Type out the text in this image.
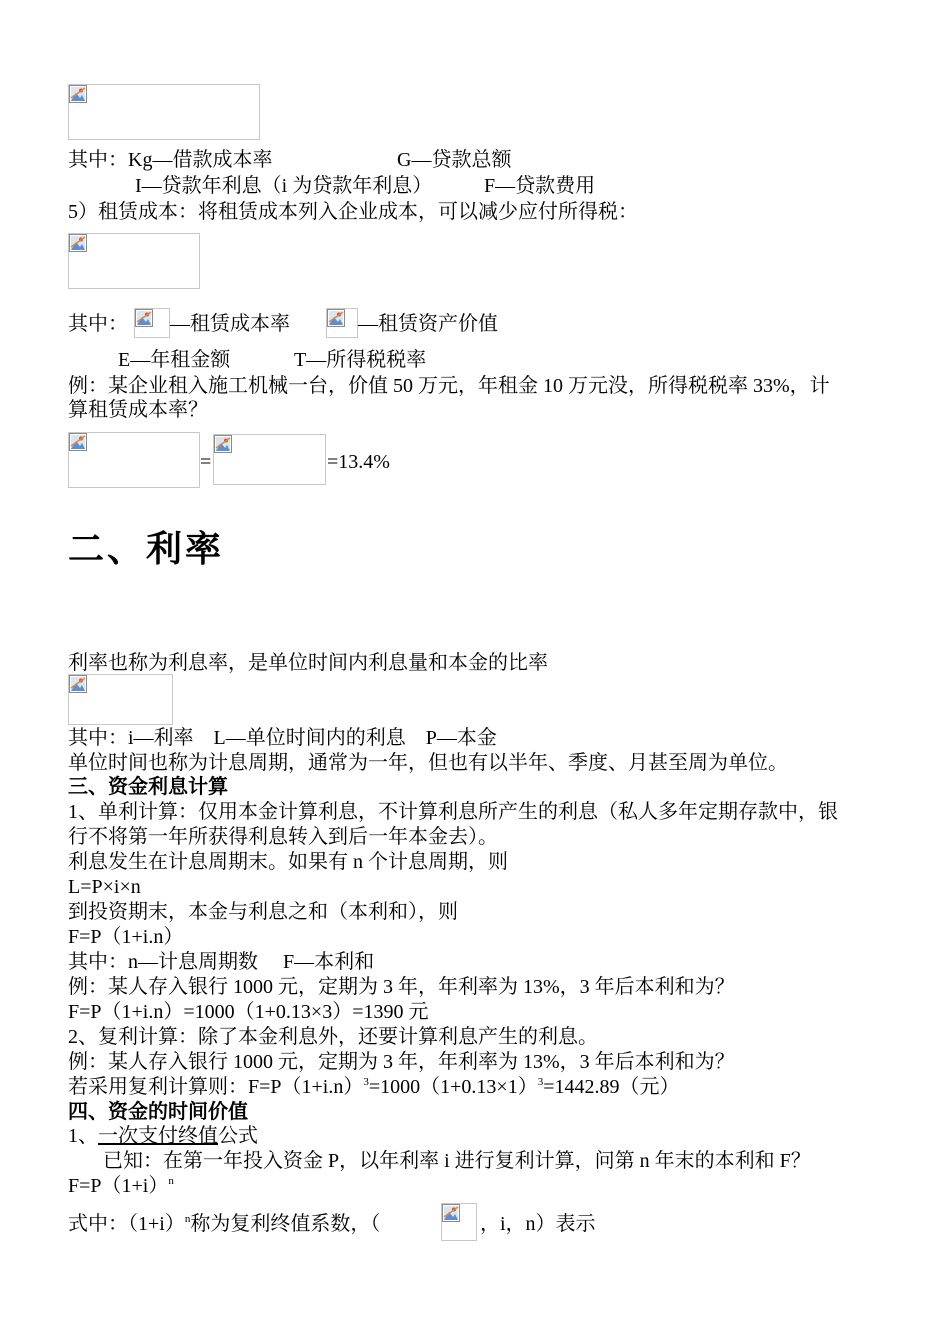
其中：Kg—借款成本率	G—贷款总额
I—贷款年利息（i 为贷款年利息）	F—贷款费用
5）租赁成本：将租赁成本列入企业成本，可以减少应付所得税：
其中： —租赁成本率	—租赁资产价值
E—年租金额	T—所得税税率
例：某企业租入施工机械一台，价值 50 万元，年租金 10 万元没，所得税税率 33%，计
算租赁成本率？
=	=13.4%
二、利率
利率也称为利息率，是单位时间内利息量和本金的比率
其中：i—利率    L—单位时间内的利息    P—本金
单位时间也称为计息周期，通常为一年，但也有以半年、季度、月甚至周为单位。
三、资金利息计算
1、单利计算：仅用本金计算利息，不计算利息所产生的利息（私人多年定期存款中，银
行不将第一年所获得利息转入到后一年本金去）。
利息发生在计息周期末。如果有 n 个计息周期，则
L=P×i×n
到投资期末，本金与利息之和（本利和），则
F=P（1+i.n）
其中：n—计息周期数     F—本利和
例：某人存入银行 1000 元，定期为 3 年，年利率为 13%，3 年后本利和为？
F=P（1+i.n）=1000（1+0.13×3）=1390 元
2、复利计算：除了本金利息外，还要计算利息产生的利息。
例：某人存入银行 1000 元，定期为 3 年，年利率为 13%，3 年后本利和为？
若采用复利计算则：$F=P(1+i.n)^3=1000(1+0.13\times 1)^3=1442.89$（元）
四、资金的时间价值
1、一次支付终值公式
已知：在第一年投入资金 P，以年利率 i 进行复利计算，问第 n 年末的本利和 F？
$F=P(1+i)^n$
式中：$(1+i)^n$称为复利终值系数，（	，i，n）表示
